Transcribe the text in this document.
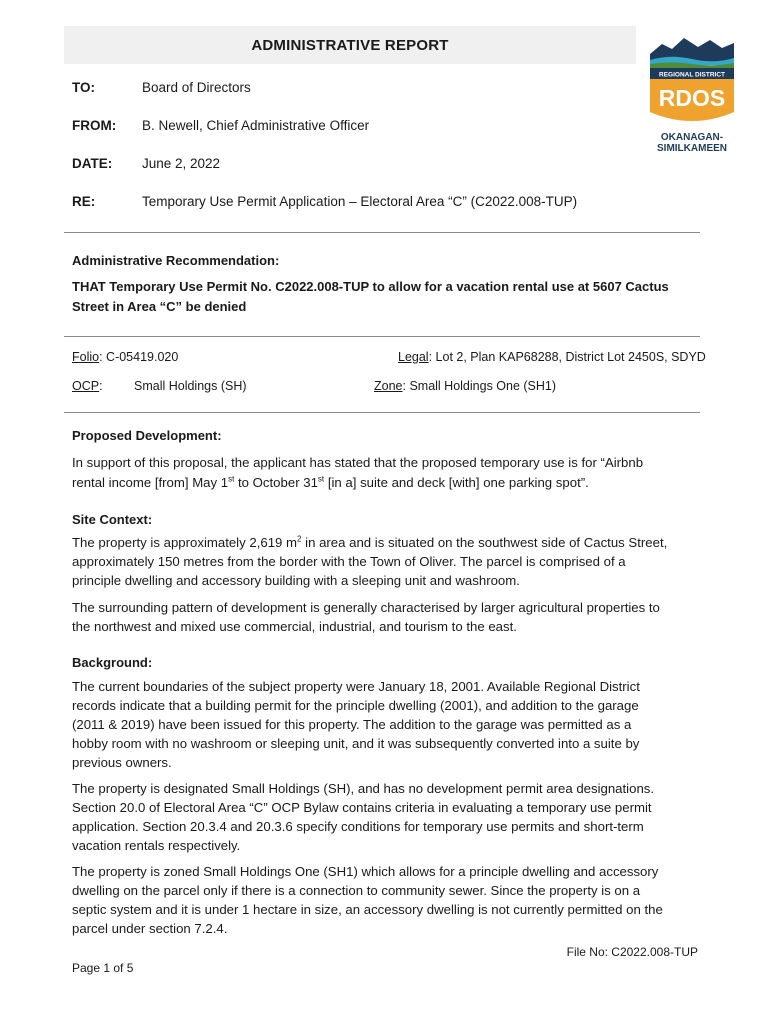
ADMINISTRATIVE REPORT
REGIONAL DISTRICT
RDOS
OKANAGAN-
SIMILKAMEEN
TO:	Board of Directors
FROM:	B. Newell, Chief Administrative Officer
DATE:	June 2, 2022
RE:	Temporary Use Permit Application – Electoral Area “C” (C2022.008-TUP)
Administrative Recommendation:
THAT Temporary Use Permit No. C2022.008-TUP to allow for a vacation rental use at 5607 Cactus
Street in Area “C” be denied
Folio: C-05419.020	Legal: Lot 2, Plan KAP68288, District Lot 2450S, SDYD
OCP:	Small Holdings (SH)	Zone: Small Holdings One (SH1)
Proposed Development:
In support of this proposal, the applicant has stated that the proposed temporary use is for “Airbnb
rental income [from] May 1st to October 31st [in a] suite and deck [with] one parking spot”.
Site Context:
The property is approximately 2,619 $m^2$ in area and is situated on the southwest side of Cactus Street,
approximately 150 metres from the border with the Town of Oliver. The parcel is comprised of a
principle dwelling and accessory building with a sleeping unit and washroom.
The surrounding pattern of development is generally characterised by larger agricultural properties to
the northwest and mixed use commercial, industrial, and tourism to the east.
Background:
The current boundaries of the subject property were January 18, 2001. Available Regional District
records indicate that a building permit for the principle dwelling (2001), and addition to the garage
(2011 & 2019) have been issued for this property. The addition to the garage was permitted as a
hobby room with no washroom or sleeping unit, and it was subsequently converted into a suite by
previous owners.
The property is designated Small Holdings (SH), and has no development permit area designations.
Section 20.0 of Electoral Area “C” OCP Bylaw contains criteria in evaluating a temporary use permit
application. Section 20.3.4 and 20.3.6 specify conditions for temporary use permits and short-term
vacation rentals respectively.
The property is zoned Small Holdings One (SH1) which allows for a principle dwelling and accessory
dwelling on the parcel only if there is a connection to community sewer. Since the property is on a
septic system and it is under 1 hectare in size, an accessory dwelling is not currently permitted on the
parcel under section 7.2.4.
File No: C2022.008-TUP
Page 1 of 5
